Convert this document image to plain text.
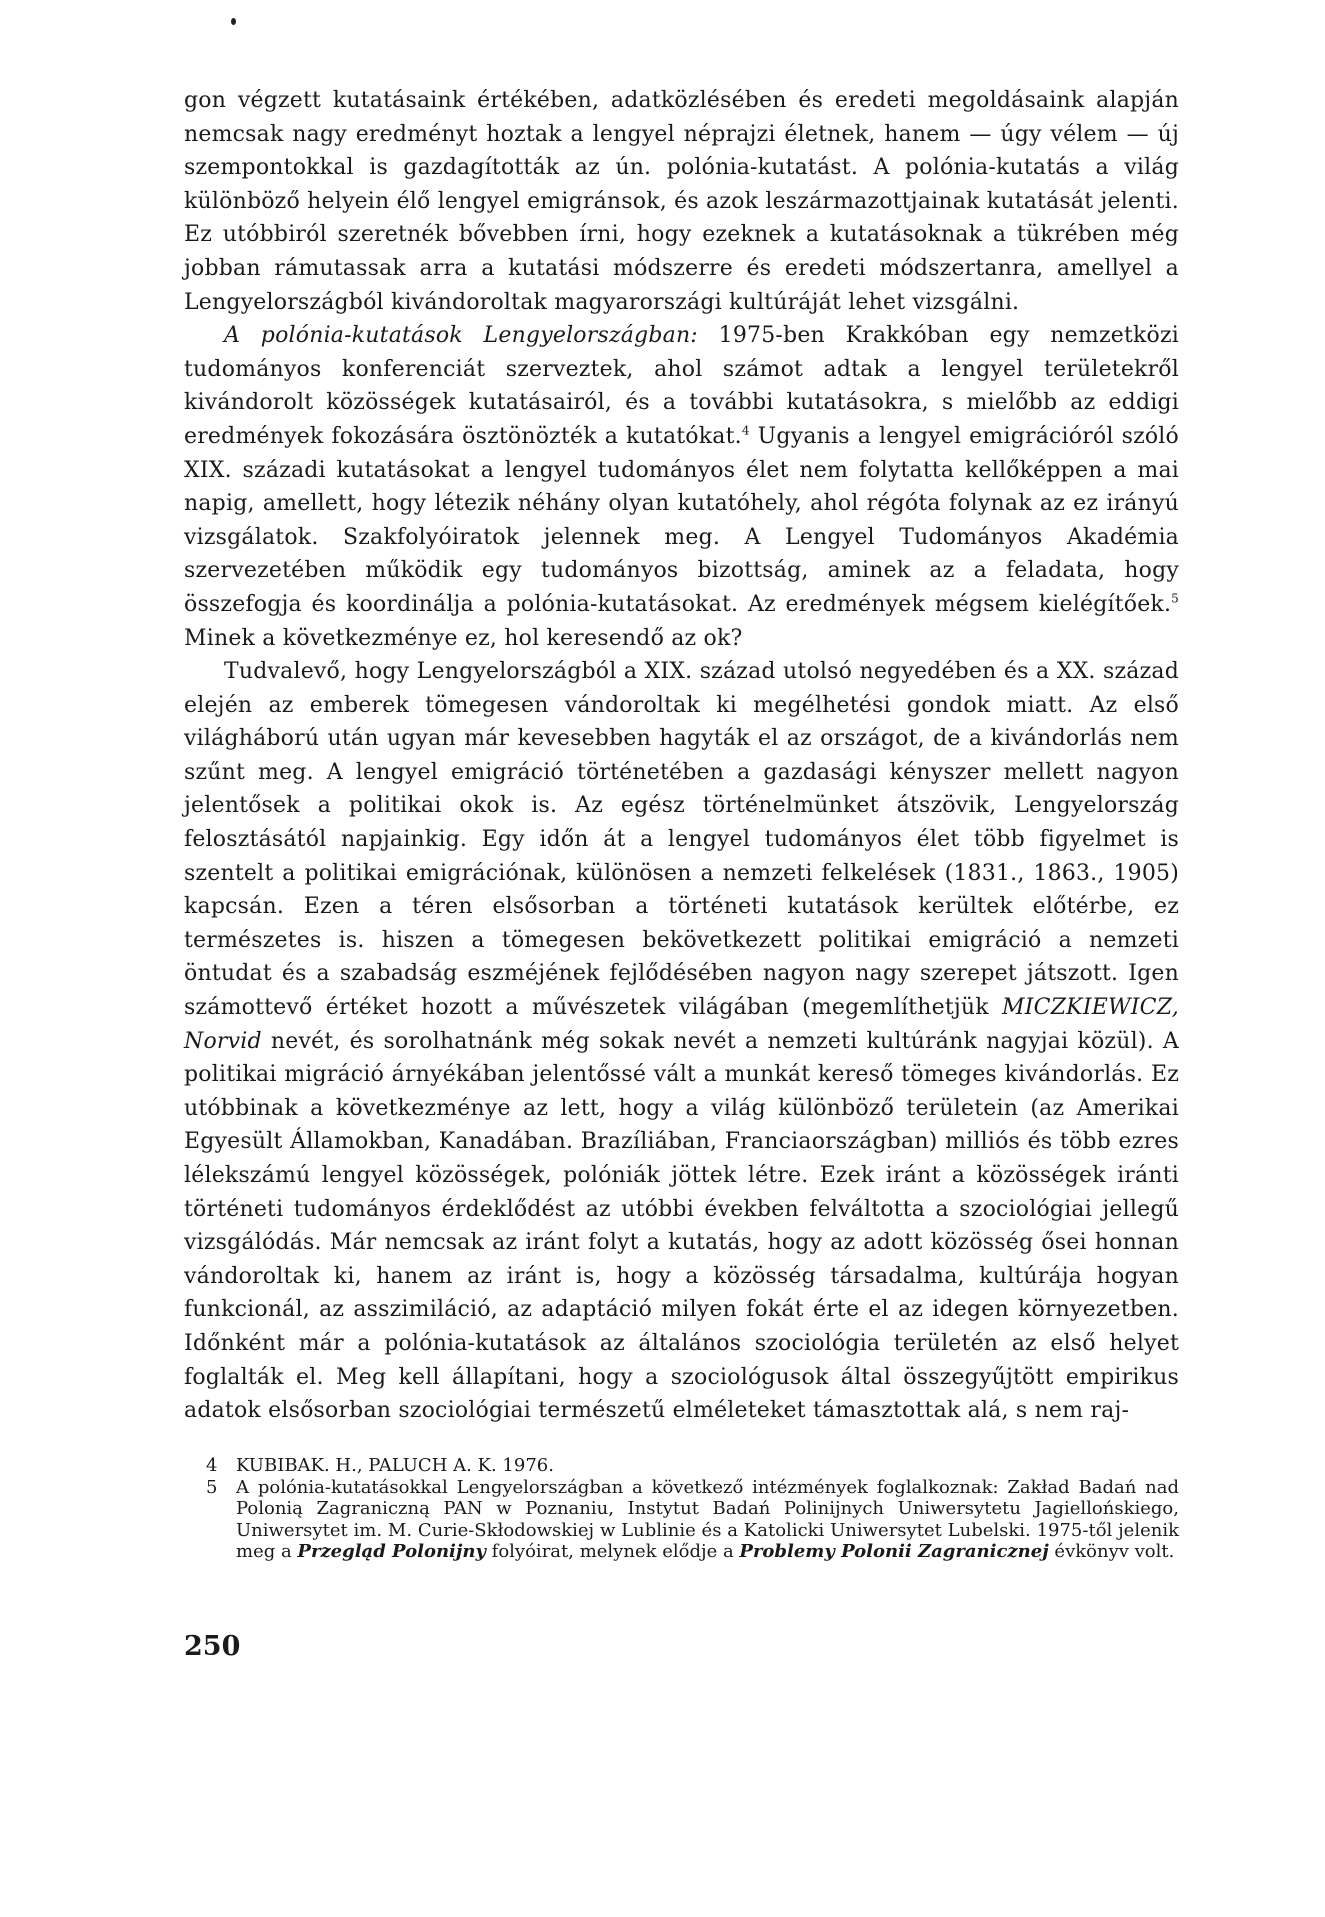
gon végzett kutatásaink értékében, adatközlésében és eredeti megoldásaink alapján nemcsak nagy eredményt hoztak a lengyel néprajzi életnek, hanem — úgy vélem — új szempontokkal is gazdagították az ún. polónia-kutatást. A polónia-kutatás a világ különböző helyein élő lengyel emigránsok, és azok leszármazottjainak kutatását jelenti. Ez utóbbiról szeretnék bővebben írni, hogy ezeknek a kutatásoknak a tükrében még jobban rámutassak arra a kutatási módszerre és eredeti módszertanra, amellyel a Lengyelországból kivándoroltak magyarországi kultúráját lehet vizsgálni.

A polónia-kutatások Lengyelországban: 1975-ben Krakkóban egy nemzetközi tudományos konferenciát szerveztek, ahol számot adtak a lengyel területekről kivándorolt közösségek kutatásairól, és a további kutatásokra, s mielőbb az eddigi eredmények fokozására ösztönözték a kutatókat.$^4$ Ugyanis a lengyel emigrációról szóló XIX. századi kutatásokat a lengyel tudományos élet nem folytatta kellőképpen a mai napig, amellett, hogy létezik néhány olyan kutatóhely, ahol régóta folynak az ez irányú vizsgálatok. Szakfolyóiratok jelennek meg. A Lengyel Tudományos Akadémia szervezetében működik egy tudományos bizottság, aminek az a feladata, hogy összefogja és koordinálja a polónia-kutatásokat. Az eredmények mégsem kielégítőek.$^5$ Minek a következménye ez, hol keresendő az ok?

Tudvalevő, hogy Lengyelországból a XIX. század utolsó negyedében és a XX. század elején az emberek tömegesen vándoroltak ki megélhetési gondok miatt. Az első világháború után ugyan már kevesebben hagyták el az országot, de a kivándorlás nem szűnt meg. A lengyel emigráció történetében a gazdasági kényszer mellett nagyon jelentősek a politikai okok is. Az egész történelmünket átszövik, Lengyelország felosztásától napjainkig. Egy időn át a lengyel tudományos élet több figyelmet is szentelt a politikai emigrációnak, különösen a nemzeti felkelések (1831., 1863., 1905) kapcsán. Ezen a téren elsősorban a történeti kutatások kerültek előtérbe, ez természetes is. hiszen a tömegesen bekövetkezett politikai emigráció a nemzeti öntudat és a szabadság eszméjének fejlődésében nagyon nagy szerepet játszott. Igen számottevő értéket hozott a művészetek világában (megemlíthetjük MICZKIEWICZ, Norvid nevét, és sorolhatnánk még sokak nevét a nemzeti kultúránk nagyjai közül). A politikai migráció árnyékában jelentőssé vált a munkát kereső tömeges kivándorlás. Ez utóbbinak a következménye az lett, hogy a világ különböző területein (az Amerikai Egyesült Államokban, Kanadában. Brazíliában, Franciaországban) milliós és több ezres lélekszámú lengyel közösségek, polóniák jöttek létre. Ezek iránt a közösségek iránti történeti tudományos érdeklődést az utóbbi években felváltotta a szociológiai jellegű vizsgálódás. Már nemcsak az iránt folyt a kutatás, hogy az adott közösség ősei honnan vándoroltak ki, hanem az iránt is, hogy a közösség társadalma, kultúrája hogyan funkcionál, az asszimiláció, az adaptáció milyen fokát érte el az idegen környezetben. Időnként már a polónia-kutatások az általános szociológia területén az első helyet foglalták el. Meg kell állapítani, hogy a szociológusok által összegyűjtött empirikus adatok elsősorban szociológiai természetű elméleteket támasztottak alá, s nem raj-

4	KUBIBAK. H., PALUCH A. K. 1976.
5	A polónia-kutatásokkal Lengyelországban a következő intézmények foglalkoznak: Zakład Badań nad Polonią Zagraniczną PAN w Poznaniu, Instytut Badań Polinijnych Uniwersytetu Jagiellońskiego, Uniwersytet im. M. Curie-Skłodowskiej w Lublinie és a Katolicki Uniwersytet Lubelski. 1975-től jelenik meg a Przegląd Polonijny folyóirat, melynek elődje a Problemy Polonii Zagranicznej évkönyv volt.
250
